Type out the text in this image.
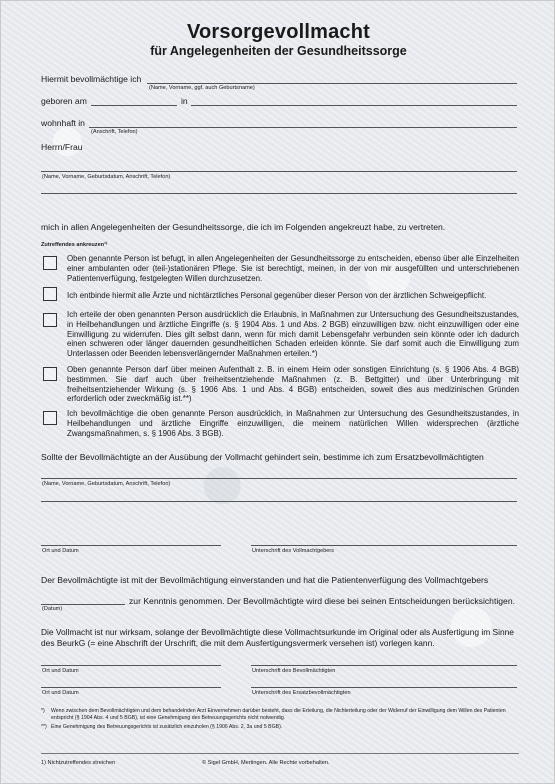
Vorsorgevollmacht
für Angelegenheiten der Gesundheitssorge
Hiermit bevollmächtige ich
(Name, Vorname, ggf. auch Geburtsname)
geboren am	in
wohnhaft in
(Anschrift, Telefon)
Herrn/Frau
(Name, Vorname, Geburtsdatum, Anschrift, Telefon)
mich in allen Angelegenheiten der Gesundheitssorge, die ich im Folgenden angekreuzt habe, zu vertreten.
Zutreffendes ankreuzen¹⁾
Oben genannte Person ist befugt, in allen Angelegenheiten der Gesundheitssorge zu entscheiden, ebenso über alle Einzelheiten einer ambulanten oder (teil-)stationären Pflege. Sie ist berechtigt, meinen, in der von mir ausgefüllten und unterschriebenen Patientenverfügung, festgelegten Willen durchzusetzen.
Ich entbinde hiermit alle Ärzte und nichtärztliches Personal gegenüber dieser Person von der ärztlichen Schweigepflicht.
Ich erteile der oben genannten Person ausdrücklich die Erlaubnis, in Maßnahmen zur Untersuchung des Gesundheitszustandes, in Heilbehandlungen und ärztliche Eingriffe (s. § 1904 Abs. 1 und Abs. 2 BGB) einzuwilligen bzw. nicht einzuwilligen oder eine Einwilligung zu widerrufen. Dies gilt selbst dann, wenn für mich damit Lebensgefahr verbunden sein könnte oder ich dadurch einen schweren oder länger dauernden gesundheitlichen Schaden erleiden könnte. Sie darf somit auch die Einwilligung zum Unterlassen oder Beenden lebensverlängernder Maßnahmen erteilen.*)
Oben genannte Person darf über meinen Aufenthalt z. B. in einem Heim oder sonstigen Einrichtung (s. § 1906 Abs. 4 BGB) bestimmen. Sie darf auch über freiheitsentziehende Maßnahmen (z. B. Bettgitter) und über Unterbringung mit freiheitsentziehender Wirkung (s. § 1906 Abs. 1 und Abs. 4 BGB) entscheiden, soweit dies aus medizinischen Gründen erforderlich oder zweckmäßig ist.**)
Ich bevollmächtige die oben genannte Person ausdrücklich, in Maßnahmen zur Untersuchung des Gesundheitszustandes, in Heilbehandlungen und ärztliche Eingriffe einzuwilligen, die meinem natürlichen Willen widersprechen (ärztliche Zwangsmaßnahmen, s. § 1906 Abs. 3 BGB).
Sollte der Bevollmächtigte an der Ausübung der Vollmacht gehindert sein, bestimme ich zum Ersatzbevollmächtigten
(Name, Vorname, Geburtsdatum, Anschrift, Telefon)
Ort und Datum	Unterschrift des Vollmachtgebers
Der Bevollmächtigte ist mit der Bevollmächtigung einverstanden und hat die Patientenverfügung des Vollmachtgebers
zur Kenntnis genommen. Der Bevollmächtigte wird diese bei seinen Entscheidungen berücksichtigen.
(Datum)
Die Vollmacht ist nur wirksam, solange der Bevollmächtigte diese Vollmachtsurkunde im Original oder als Ausfertigung im Sinne des BeurkG (= eine Abschrift der Urschrift, die mit dem Ausfertigungsvermerk versehen ist) vorlegen kann.
Ort und Datum	Unterschrift des Bevollmächtigten
Ort und Datum	Unterschrift des Ersatzbevollmächtigten
*) Wenn zwischen dem Bevollmächtigten und dem behandelnden Arzt Einvernehmen darüber besteht, dass die Erteilung, die Nichterteilung oder der Widerruf der Einwilligung dem Willen des Patienten entspricht (§ 1904 Abs. 4 und 5 BGB), ist eine Genehmigung des Betreuungsgerichts nicht notwendig.
**) Eine Genehmigung des Betreuungsgerichts ist zusätzlich einzuholen (§ 1906 Abs. 2, 3a und 5 BGB).
1) Nichtzutreffendes streichen	© Sigel GmbH, Mertingen. Alle Rechte vorbehalten.
